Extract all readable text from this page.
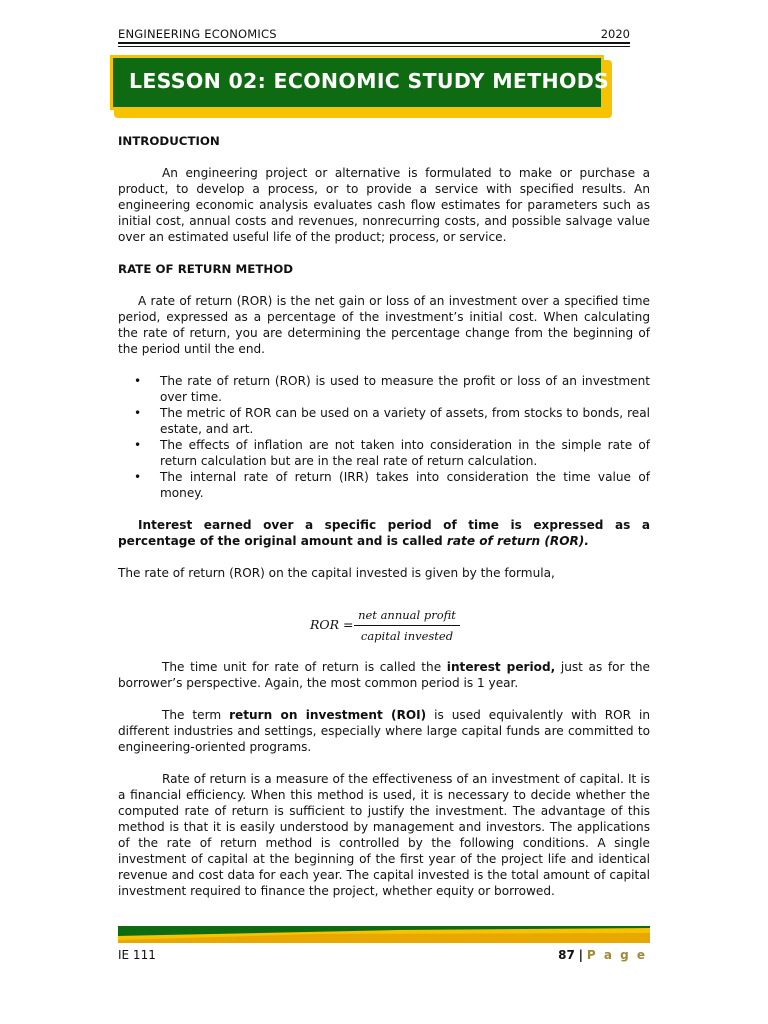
ENGINEERING ECONOMICS	2020
LESSON 02: ECONOMIC STUDY METHODS

INTRODUCTION

An engineering project or alternative is formulated to make or purchase a product, to develop a process, or to provide a service with specified results. An engineering economic analysis evaluates cash flow estimates for parameters such as initial cost, annual costs and revenues, nonrecurring costs, and possible salvage value over an estimated useful life of the product; process, or service.

RATE OF RETURN METHOD

A rate of return (ROR) is the net gain or loss of an investment over a specified time period, expressed as a percentage of the investment’s initial cost. When calculating the rate of return, you are determining the percentage change from the beginning of the period until the end.

• The rate of return (ROR) is used to measure the profit or loss of an investment over time.
• The metric of ROR can be used on a variety of assets, from stocks to bonds, real estate, and art.
• The effects of inflation are not taken into consideration in the simple rate of return calculation but are in the real rate of return calculation.
• The internal rate of return (IRR) takes into consideration the time value of money.

Interest earned over a specific period of time is expressed as a percentage of the original amount and is called rate of return (ROR).

The rate of return (ROR) on the capital invested is given by the formula,

ROR =
net annual profit
capital invested

The time unit for rate of return is called the interest period, just as for the borrower’s perspective. Again, the most common period is 1 year.

The term return on investment (ROI) is used equivalently with ROR in different industries and settings, especially where large capital funds are committed to engineering-oriented programs.

Rate of return is a measure of the effectiveness of an investment of capital. It is a financial efficiency. When this method is used, it is necessary to decide whether the computed rate of return is sufficient to justify the investment. The advantage of this method is that it is easily understood by management and investors. The applications of the rate of return method is controlled by the following conditions. A single investment of capital at the beginning of the first year of the project life and identical revenue and cost data for each year. The capital invested is the total amount of capital investment required to finance the project, whether equity or borrowed.

IE 111	87 | P a g e
